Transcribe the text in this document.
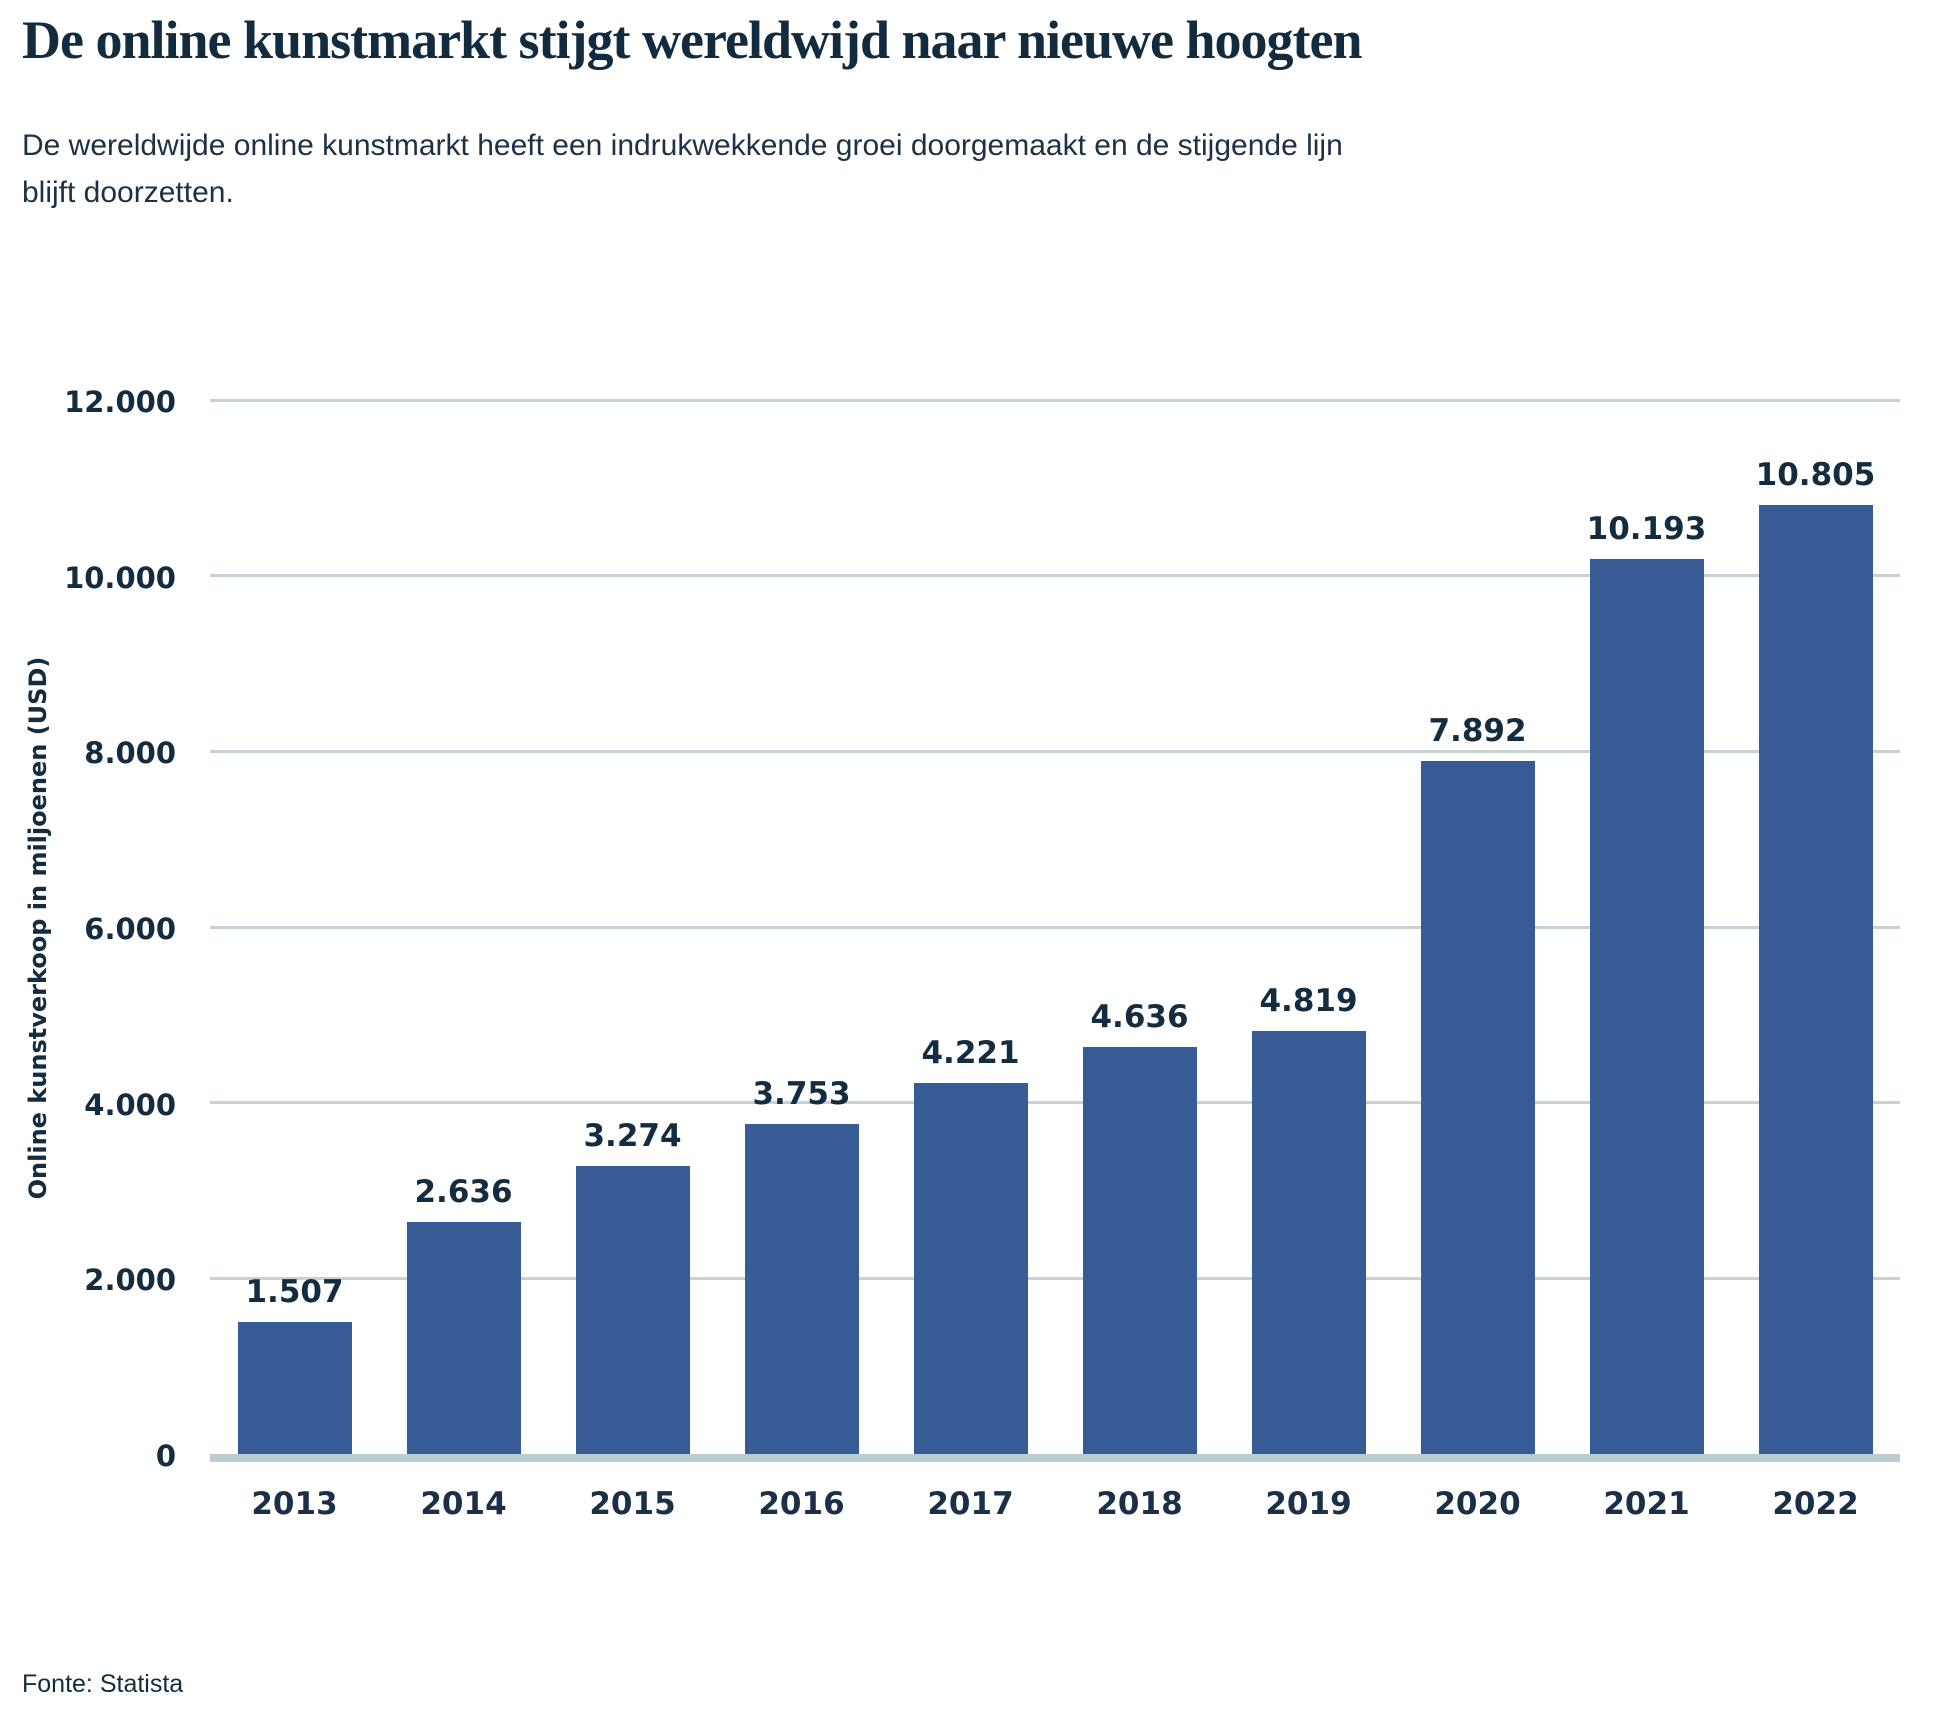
De online kunstmarkt stijgt wereldwijd naar nieuwe hoogten

De wereldwijde online kunstmarkt heeft een indrukwekkende groei doorgemaakt en de stijgende lijn
blijft doorzetten.

Online kunstverkoop in miljoenen (USD)
0
2.000
4.000
6.000
8.000
10.000
12.000
1.507
2.636
3.274
3.753
4.221
4.636	4.819
7.892
10.193
10.805
2013	2014	2015	2016	2017	2018	2019	2020	2021	2022
Fonte: Statista
